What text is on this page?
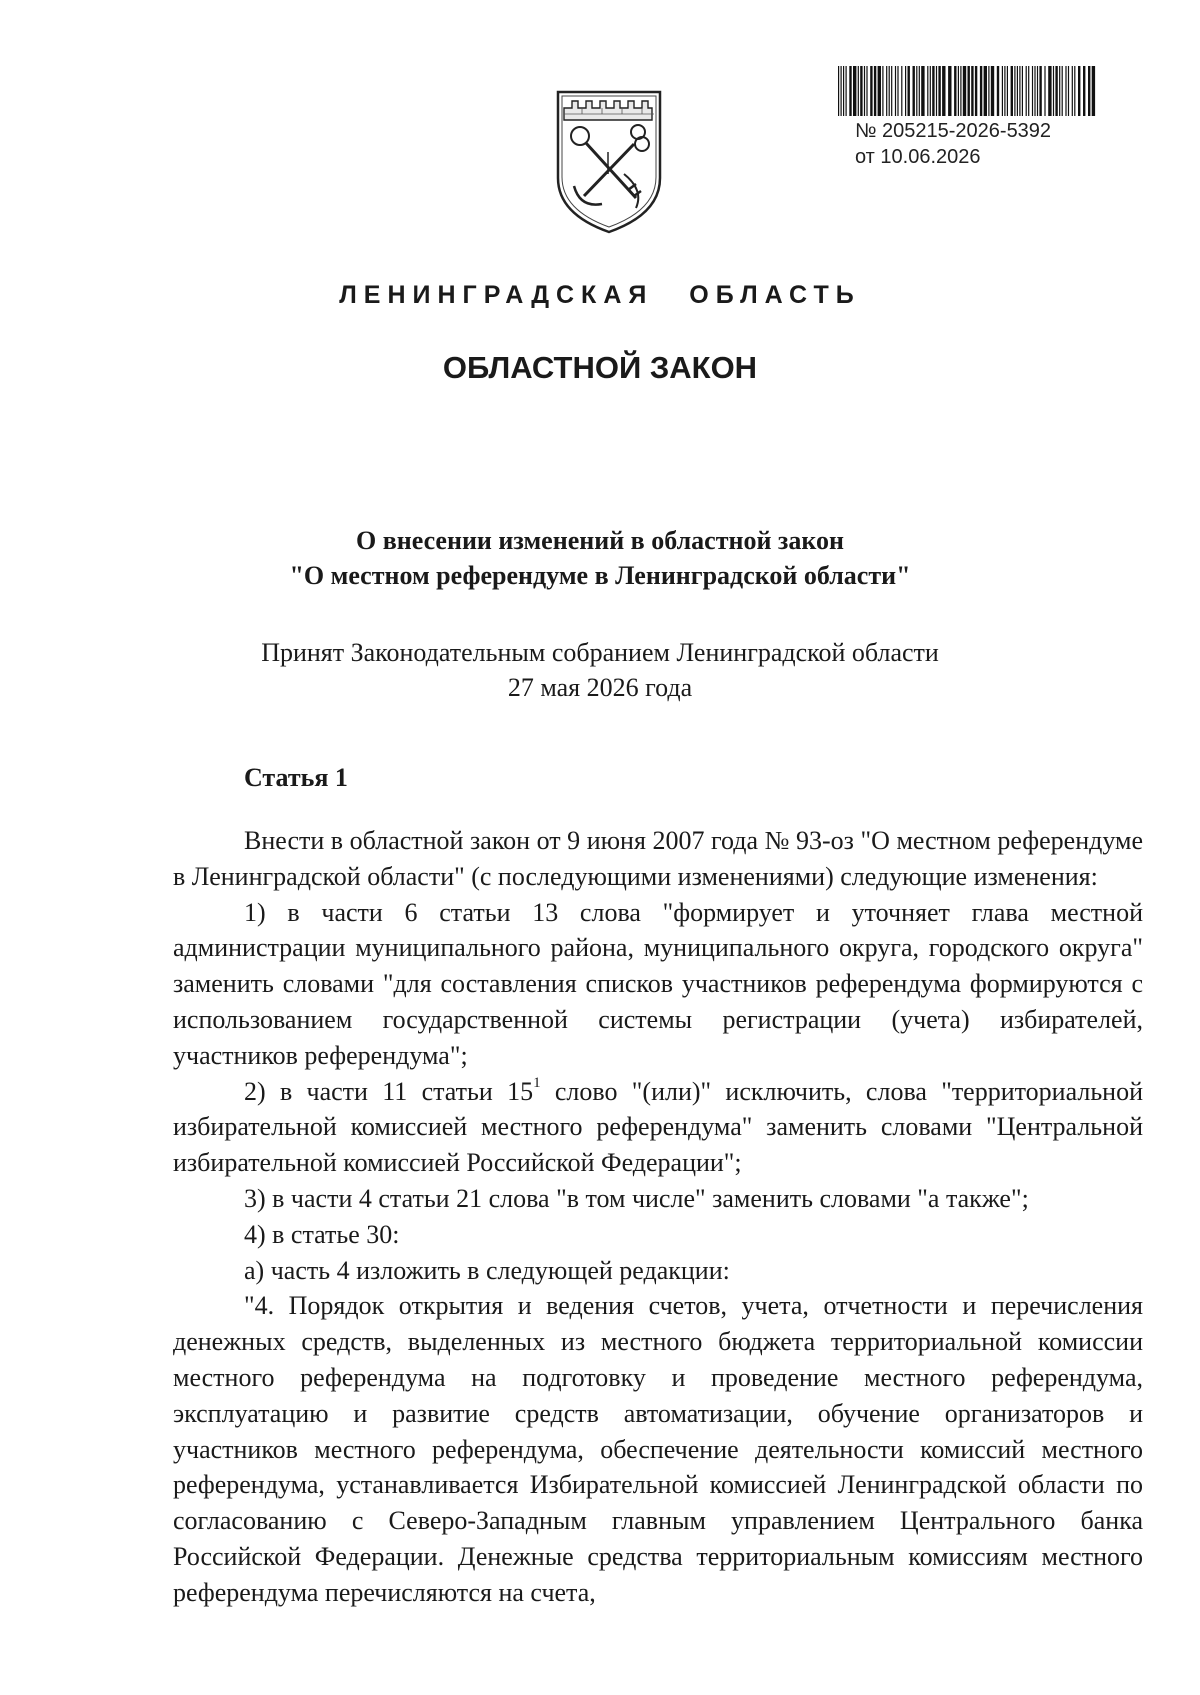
№ 205215-2026-5392
от 10.06.2026
ЛЕНИНГРАДСКАЯ ОБЛАСТЬ
ОБЛАСТНОЙ ЗАКОН
О внесении изменений в областной закон
"О местном референдуме в Ленинградской области"
Принят Законодательным собранием Ленинградской области
27 мая 2026 года
Статья 1

Внести в областной закон от 9 июня 2007 года № 93-оз "О местном референдуме в Ленинградской области" (с последующими изменениями) следующие изменения:

1) в части 6 статьи 13 слова "формирует и уточняет глава местной администрации муниципального района, муниципального округа, городского округа" заменить словами "для составления списков участников референдума формируются с использованием государственной системы регистрации (учета) избирателей, участников референдума";

2) в части 11 статьи $15^1$ слово "(или)" исключить, слова "территориальной избирательной комиссией местного референдума" заменить словами "Центральной избирательной комиссией Российской Федерации";

3) в части 4 статьи 21 слова "в том числе" заменить словами "а также";

4) в статье 30:

а) часть 4 изложить в следующей редакции:

"4. Порядок открытия и ведения счетов, учета, отчетности и перечисления денежных средств, выделенных из местного бюджета территориальной комиссии местного референдума на подготовку и проведение местного референдума, эксплуатацию и развитие средств автоматизации, обучение организаторов и участников местного референдума, обеспечение деятельности комиссий местного референдума, устанавливается Избирательной комиссией Ленинградской области по согласованию с Северо-Западным главным управлением Центрального банка Российской Федерации. Денежные средства территориальным комиссиям местного референдума перечисляются на счета,
